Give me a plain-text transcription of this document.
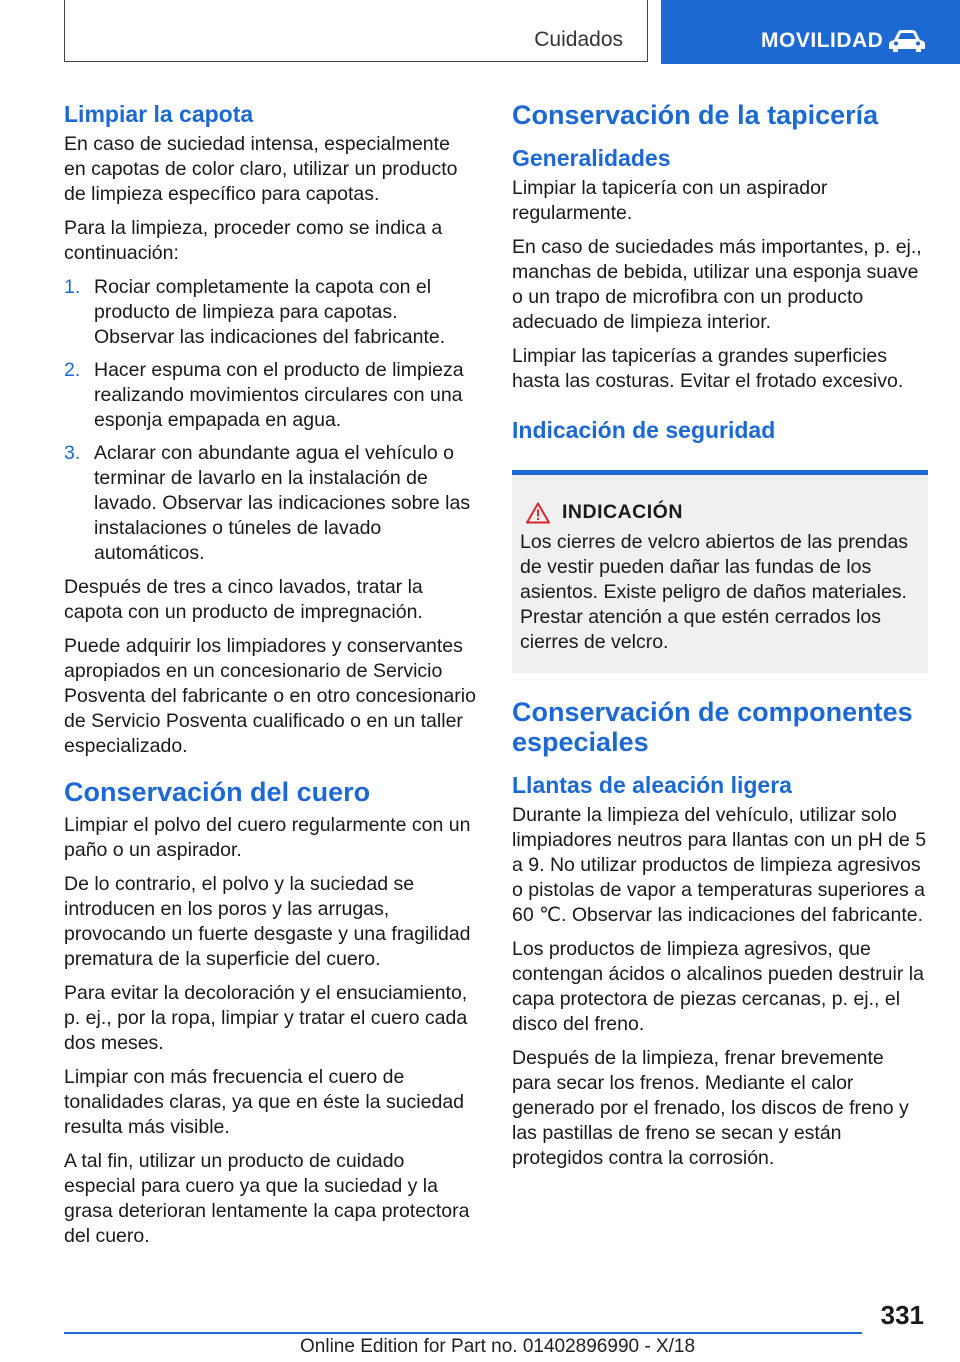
Cuidados	MOVILIDAD
Limpiar la capota

En caso de suciedad intensa, especialmente en capotas de color claro, utilizar un producto de limpieza específico para capotas.

Para la limpieza, proceder como se indica a continuación:

1. Rociar completamente la capota con el producto de limpieza para capotas. Observar las indicaciones del fabricante.
2. Hacer espuma con el producto de limpieza realizando movimientos circulares con una esponja empapada en agua.
3. Aclarar con abundante agua el vehículo o terminar de lavarlo en la instalación de lavado. Observar las indicaciones sobre las instalaciones o túneles de lavado automáticos.

Después de tres a cinco lavados, tratar la capota con un producto de impregnación.

Puede adquirir los limpiadores y conservantes apropiados en un concesionario de Servicio Posventa del fabricante o en otro concesionario de Servicio Posventa cualificado o en un taller especializado.

Conservación del cuero

Limpiar el polvo del cuero regularmente con un paño o un aspirador.

De lo contrario, el polvo y la suciedad se introducen en los poros y las arrugas, provocando un fuerte desgaste y una fragilidad prematura de la superficie del cuero.

Para evitar la decoloración y el ensuciamiento, p. ej., por la ropa, limpiar y tratar el cuero cada dos meses.

Limpiar con más frecuencia el cuero de tonalidades claras, ya que en éste la suciedad resulta más visible.

A tal fin, utilizar un producto de cuidado especial para cuero ya que la suciedad y la grasa deterioran lentamente la capa protectora del cuero.

Conservación de la tapicería
Generalidades

Limpiar la tapicería con un aspirador regularmente.

En caso de suciedades más importantes, p. ej., manchas de bebida, utilizar una esponja suave o un trapo de microfibra con un producto adecuado de limpieza interior.

Limpiar las tapicerías a grandes superficies hasta las costuras. Evitar el frotado excesivo.

Indicación de seguridad
INDICACIÓN

Los cierres de velcro abiertos de las prendas de vestir pueden dañar las fundas de los asientos. Existe peligro de daños materiales. Prestar atención a que estén cerrados los cierres de velcro.

Conservación de componentes especiales
Llantas de aleación ligera

Durante la limpieza del vehículo, utilizar solo limpiadores neutros para llantas con un pH de 5 a 9. No utilizar productos de limpieza agresivos o pistolas de vapor a temperaturas superiores a 60 ℃. Observar las indicaciones del fabricante.

Los productos de limpieza agresivos, que contengan ácidos o alcalinos pueden destruir la capa protectora de piezas cercanas, p. ej., el disco del freno.

Después de la limpieza, frenar brevemente para secar los frenos. Mediante el calor generado por el frenado, los discos de freno y las pastillas de freno se secan y están protegidos contra la corrosión.

331
Online Edition for Part no. 01402896990 - X/18
